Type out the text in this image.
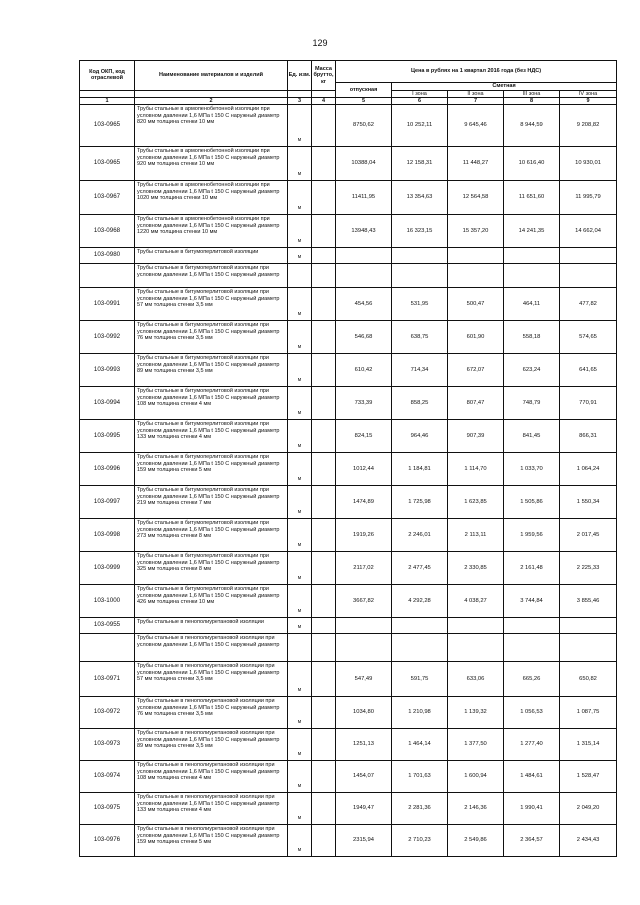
129
Код ОКП, код отраслевой	Наименование материалов и изделий	Ед. изм.	Масса брутто, кг	Цена в рублях на 1 квартал 2016 года (без НДС)				

				отпускная	Сметная			
					I зона	II зона	III зона	IV зона
1	2	3	4	5	6	7	8	9
103-0965	Трубы стальные в армопенобетонной изоляции при условном давлении 1,6 МПа t 150 С наружный диаметр 820 мм толщина стенки 10 мм	м		8750,62	10 252,11	9 645,46	8 944,59	9 208,82
103-0965	Трубы стальные в армопенобетонной изоляции при условном давлении 1,6 МПа t 150 С наружный диаметр 920 мм толщина стенки 10 мм	м		10388,04	12 158,31	11 448,27	10 616,40	10 930,01
103-0967	Трубы стальные в армопенобетонной изоляции при условном давлении 1,6 МПа t 150 С наружный диаметр 1020 мм толщина стенки 10 мм	м		11411,95	13 354,63	12 564,58	11 651,60	11 995,79
103-0968	Трубы стальные в армопенобетонной изоляции при условном давлении 1,6 МПа t 150 С наружный диаметр 1220 мм толщина стенки 10 мм	м		13948,43	16 323,15	15 357,20	14 241,35	14 662,04
103-0980	Трубы стальные в битумоперлитовой изоляции	м						
	Трубы стальные в битумоперлитовой изоляции при условном давлении 1,6 МПа t 150 С наружный диаметр							
103-0991	Трубы стальные в битумоперлитовой изоляции при условном давлении 1,6 МПа t 150 С наружный диаметр 57 мм толщина стенки 3,5 мм	м		454,56	531,95	500,47	464,11	477,82
103-0992	Трубы стальные в битумоперлитовой изоляции при условном давлении 1,6 МПа t 150 С наружный диаметр 76 мм толщина стенки 3,5 мм	м		546,68	638,75	601,90	558,18	574,65
103-0993	Трубы стальные в битумоперлитовой изоляции при условном давлении 1,6 МПа t 150 С наружный диаметр 89 мм толщина стенки 3,5 мм	м		610,42	714,34	672,07	623,24	641,65
103-0994	Трубы стальные в битумоперлитовой изоляции при условном давлении 1,6 МПа t 150 С наружный диаметр 108 мм толщина стенки 4 мм	м		733,39	858,25	807,47	748,79	770,91
103-0995	Трубы стальные в битумоперлитовой изоляции при условном давлении 1,6 МПа t 150 С наружный диаметр 133 мм толщина стенки 4 мм	м		824,15	964,46	907,39	841,45	866,31
103-0996	Трубы стальные в битумоперлитовой изоляции при условном давлении 1,6 МПа t 150 С наружный диаметр 159 мм толщина стенки 5 мм	м		1012,44	1 184,81	1 114,70	1 033,70	1 064,24
103-0997	Трубы стальные в битумоперлитовой изоляции при условном давлении 1,6 МПа t 150 С наружный диаметр 219 мм толщина стенки 7 мм	м		1474,89	1 725,98	1 623,85	1 505,86	1 550,34
103-0998	Трубы стальные в битумоперлитовой изоляции при условном давлении 1,6 МПа t 150 С наружный диаметр 273 мм толщина стенки 8 мм	м		1919,26	2 246,01	2 113,11	1 959,56	2 017,45
103-0999	Трубы стальные в битумоперлитовой изоляции при условном давлении 1,6 МПа t 150 С наружный диаметр 325 мм толщина стенки 8 мм	м		2117,02	2 477,45	2 330,85	2 161,48	2 225,33
103-1000	Трубы стальные в битумоперлитовой изоляции при условном давлении 1,6 МПа t 150 С наружный диаметр 426 мм толщина стенки 10 мм	м		3667,82	4 292,28	4 038,27	3 744,84	3 855,46
103-0955	Трубы стальные в пенополиуретановой изоляции	м						
	Трубы стальные в пенополиуретановой изоляции при условном давлении 1,6 МПа t 150 С наружный диаметр							
103-0971	Трубы стальные в пенополиуретановой изоляции при условном давлении 1,6 МПа t 150 С наружный диаметр 57 мм толщина стенки 3,5 мм	м		547,49	591,75	633,06	665,26	650,82
103-0972	Трубы стальные в пенополиуретановой изоляции при условном давлении 1,6 МПа t 150 С наружный диаметр 76 мм толщина стенки 3,5 мм	м		1034,80	1 210,98	1 139,32	1 056,53	1 087,75
103-0973	Трубы стальные в пенополиуретановой изоляции при условном давлении 1,6 МПа t 150 С наружный диаметр 89 мм толщина стенки 3,5 мм	м		1251,13	1 464,14	1 377,50	1 277,40	1 315,14
103-0974	Трубы стальные в пенополиуретановой изоляции при условном давлении 1,6 МПа t 150 С наружный диаметр 108 мм толщина стенки 4 мм	м		1454,07	1 701,63	1 600,94	1 484,61	1 528,47
103-0975	Трубы стальные в пенополиуретановой изоляции при условном давлении 1,6 МПа t 150 С наружный диаметр 133 мм толщина стенки 4 мм	м		1949,47	2 281,36	2 146,36	1 990,41	2 049,20
103-0976	Трубы стальные в пенополиуретановой изоляции при условном давлении 1,6 МПа t 150 С наружный диаметр 159 мм толщина стенки 5 мм	м		2315,94	2 710,23	2 549,86	2 364,57	2 434,43
